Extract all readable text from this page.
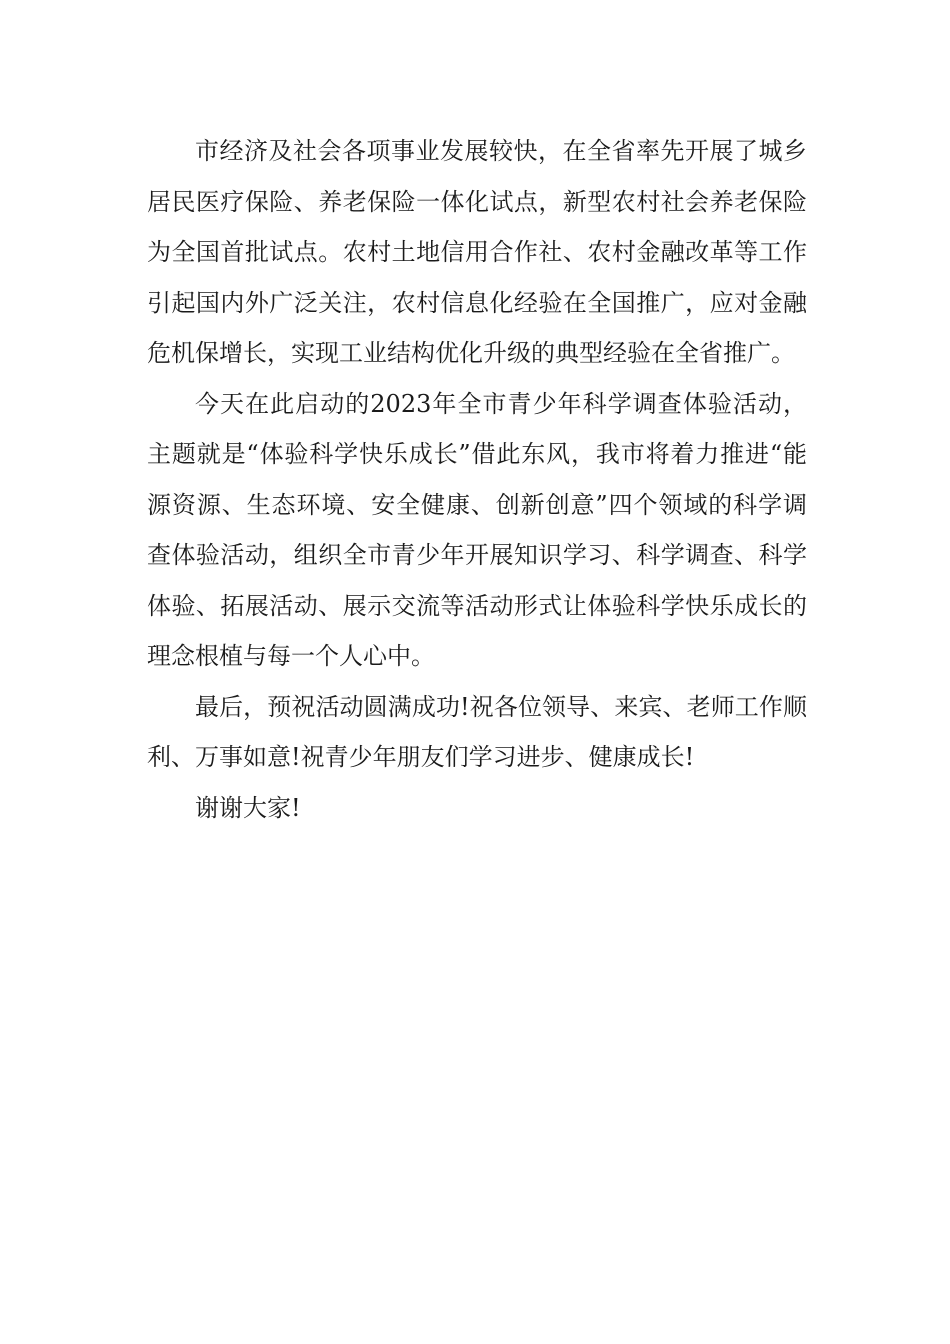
市经济及社会各项事业发展较快，在全省率先开展了城乡居民医疗保险、养老保险一体化试点，新型农村社会养老保险为全国首批试点。农村土地信用合作社、农村金融改革等工作引起国内外广泛关注，农村信息化经验在全国推广，应对金融危机保增长，实现工业结构优化升级的典型经验在全省推广。

今天在此启动的2023年全市青少年科学调查体验活动，主题就是“体验科学快乐成长”借此东风，我市将着力推进“能源资源、生态环境、安全健康、创新创意”四个领域的科学调查体验活动，组织全市青少年开展知识学习、科学调查、科学体验、拓展活动、展示交流等活动形式让体验科学快乐成长的理念根植与每一个人心中。

最后，预祝活动圆满成功!祝各位领导、来宾、老师工作顺利、万事如意!祝青少年朋友们学习进步、健康成长!

谢谢大家!
